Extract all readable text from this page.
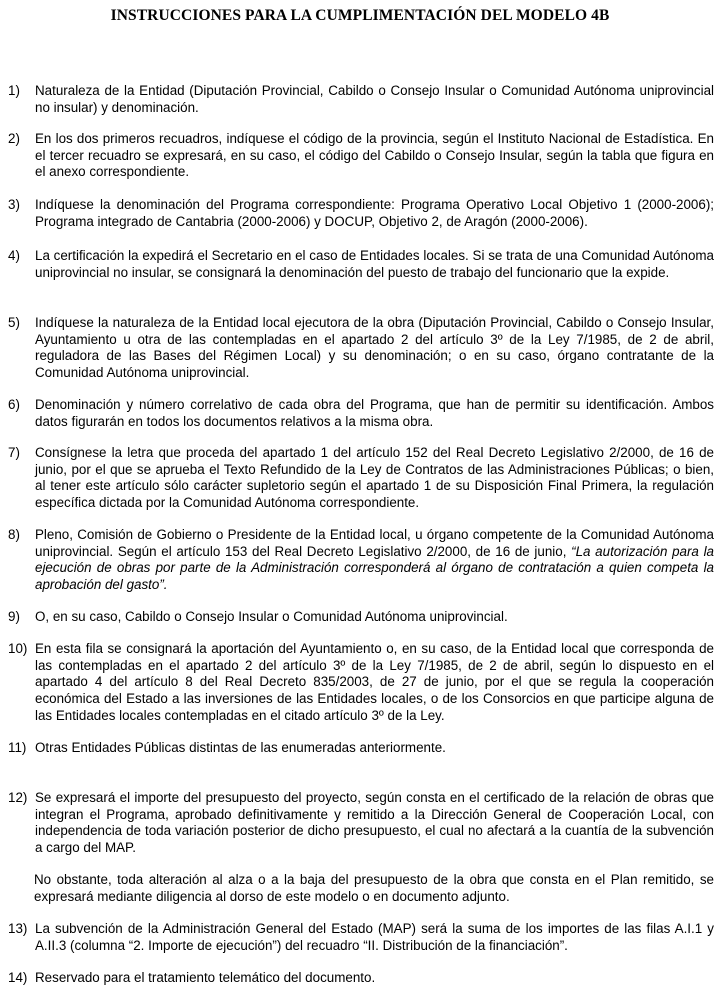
INSTRUCCIONES PARA LA CUMPLIMENTACIÓN DEL MODELO 4B
1) Naturaleza de la Entidad (Diputación Provincial, Cabildo o Consejo Insular o Comunidad Autónoma uniprovincial no insular) y denominación.
2) En los dos primeros recuadros, indíquese el código de la provincia, según el Instituto Nacional de Estadística. En el tercer recuadro se expresará, en su caso, el código del Cabildo o Consejo Insular, según la tabla que figura en el anexo correspondiente.
3) Indíquese la denominación del Programa correspondiente: Programa Operativo Local Objetivo 1 (2000-2006); Programa integrado de Cantabria (2000-2006) y DOCUP, Objetivo 2, de Aragón (2000-2006).
4) La certificación la expedirá el Secretario en el caso de Entidades locales. Si se trata de una Comunidad Autónoma uniprovincial no insular, se consignará la denominación del puesto de trabajo del funcionario que la expide.
5) Indíquese la naturaleza de la Entidad local ejecutora de la obra (Diputación Provincial, Cabildo o Consejo Insular, Ayuntamiento u otra de las contempladas en el apartado 2 del artículo 3º de la Ley 7/1985, de 2 de abril, reguladora de las Bases del Régimen Local) y su denominación; o en su caso, órgano contratante de la Comunidad Autónoma uniprovincial.
6) Denominación y número correlativo de cada obra del Programa, que han de permitir su identificación. Ambos datos figurarán en todos los documentos relativos a la misma obra.
7) Consígnese la letra que proceda del apartado 1 del artículo 152 del Real Decreto Legislativo 2/2000, de 16 de junio, por el que se aprueba el Texto Refundido de la Ley de Contratos de las Administraciones Públicas; o bien, al tener este artículo sólo carácter supletorio según el apartado 1 de su Disposición Final Primera, la regulación específica dictada por la Comunidad Autónoma correspondiente.
8) Pleno, Comisión de Gobierno o Presidente de la Entidad local, u órgano competente de la Comunidad Autónoma uniprovincial. Según el artículo 153 del Real Decreto Legislativo 2/2000, de 16 de junio, “La autorización para la ejecución de obras por parte de la Administración corresponderá al órgano de contratación a quien competa la aprobación del gasto”.
9) O, en su caso, Cabildo o Consejo Insular o Comunidad Autónoma uniprovincial.
10) En esta fila se consignará la aportación del Ayuntamiento o, en su caso, de la Entidad local que corresponda de las contempladas en el apartado 2 del artículo 3º de la Ley 7/1985, de 2 de abril, según lo dispuesto en el apartado 4 del artículo 8 del Real Decreto 835/2003, de 27 de junio, por el que se regula la cooperación económica del Estado a las inversiones de las Entidades locales, o de los Consorcios en que participe alguna de las Entidades locales contempladas en el citado artículo 3º de la Ley.
11) Otras Entidades Públicas distintas de las enumeradas anteriormente.
12) Se expresará el importe del presupuesto del proyecto, según consta en el certificado de la relación de obras que integran el Programa, aprobado definitivamente y remitido a la Dirección General de Cooperación Local, con independencia de toda variación posterior de dicho presupuesto, el cual no afectará a la cuantía de la subvención a cargo del MAP.
No obstante, toda alteración al alza o a la baja del presupuesto de la obra que consta en el Plan remitido, se expresará mediante diligencia al dorso de este modelo o en documento adjunto.
13) La subvención de la Administración General del Estado (MAP) será la suma de los importes de las filas A.I.1 y A.II.3 (columna “2. Importe de ejecución”) del recuadro “II. Distribución de la financiación”.
14) Reservado para el tratamiento telemático del documento.
